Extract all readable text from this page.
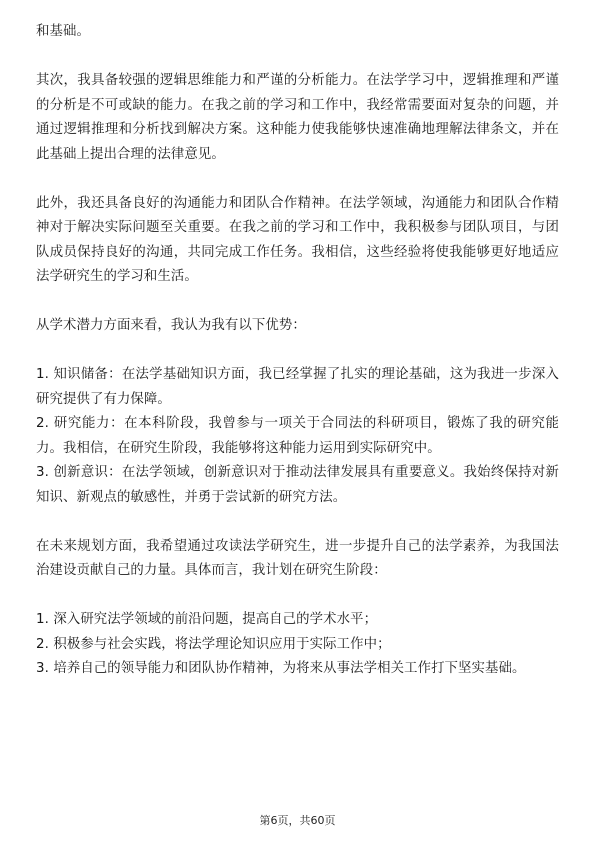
和基础。

其次，我具备较强的逻辑思维能力和严谨的分析能力。在法学学习中，逻辑推理和严谨的分析是不可或缺的能力。在我之前的学习和工作中，我经常需要面对复杂的问题，并通过逻辑推理和分析找到解决方案。这种能力使我能够快速准确地理解法律条文，并在此基础上提出合理的法律意见。

此外，我还具备良好的沟通能力和团队合作精神。在法学领域，沟通能力和团队合作精神对于解决实际问题至关重要。在我之前的学习和工作中，我积极参与团队项目，与团队成员保持良好的沟通，共同完成工作任务。我相信，这些经验将使我能够更好地适应法学研究生的学习和生活。

从学术潜力方面来看，我认为我有以下优势：

1. 知识储备：在法学基础知识方面，我已经掌握了扎实的理论基础，这为我进一步深入研究提供了有力保障。

2. 研究能力：在本科阶段，我曾参与一项关于合同法的科研项目，锻炼了我的研究能力。我相信，在研究生阶段，我能够将这种能力运用到实际研究中。

3. 创新意识：在法学领域，创新意识对于推动法律发展具有重要意义。我始终保持对新知识、新观点的敏感性，并勇于尝试新的研究方法。

在未来规划方面，我希望通过攻读法学研究生，进一步提升自己的法学素养，为我国法治建设贡献自己的力量。具体而言，我计划在研究生阶段：

1. 深入研究法学领域的前沿问题，提高自己的学术水平；

2. 积极参与社会实践，将法学理论知识应用于实际工作中；

3. 培养自己的领导能力和团队协作精神，为将来从事法学相关工作打下坚实基础。

第6页，共60页
